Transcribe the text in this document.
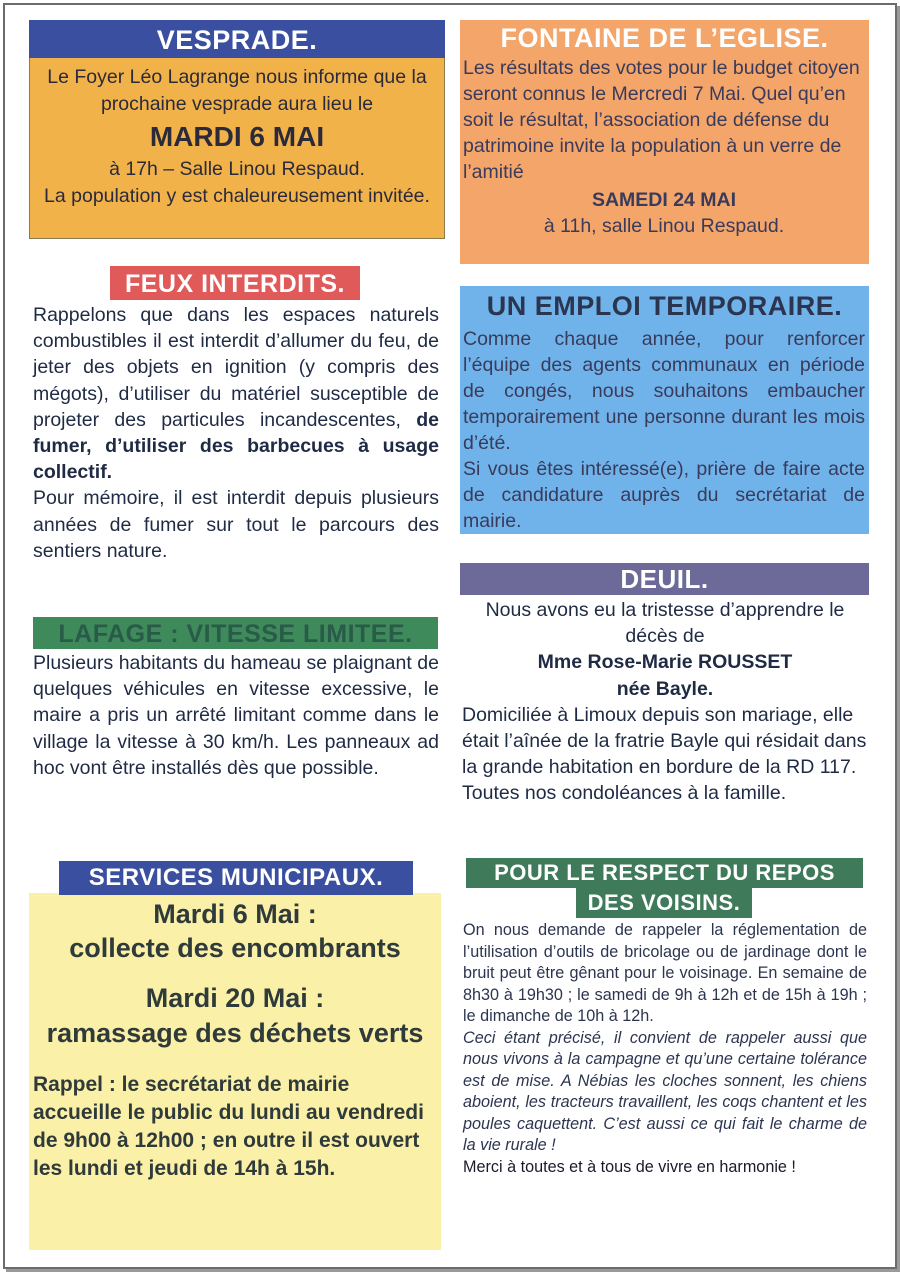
VESPRADE.

Le Foyer Léo Lagrange nous informe que la prochaine vesprade aura lieu le

MARDI 6 MAI

à 17h – Salle Linou Respaud.

La population y est chaleureusement invitée.

FONTAINE DE L’EGLISE.

Les résultats des votes pour le budget citoyen seront connus le Mercredi 7 Mai. Quel qu’en soit le résultat, l’association de défense du patrimoine invite la population à un verre de l’amitié

SAMEDI 24 MAI

à 11h, salle Linou Respaud.

FEUX INTERDITS.

Rappelons que dans les espaces naturels combustibles il est interdit d’allumer du feu, de jeter des objets en ignition (y compris des mégots), d’utiliser du matériel susceptible de projeter des particules incandescentes, de fumer, d’utiliser des barbecues à usage collectif.

Pour mémoire, il est interdit depuis plusieurs années de fumer sur tout le parcours des sentiers nature.

UN EMPLOI TEMPORAIRE.

Comme chaque année, pour renforcer l’équipe des agents communaux en période de congés, nous souhaitons embaucher temporairement une personne durant les mois d’été.

Si vous êtes intéressé(e), prière de faire acte de candidature auprès du secrétariat de mairie.

LAFAGE : VITESSE LIMITEE.

Plusieurs habitants du hameau se plaignant de quelques véhicules en vitesse excessive, le maire a pris un arrêté limitant comme dans le village la vitesse à 30 km/h. Les panneaux ad hoc vont être installés dès que possible.

DEUIL.

Nous avons eu la tristesse d’apprendre le décès de

Mme Rose-Marie ROUSSET

née Bayle.

Domiciliée à Limoux depuis son mariage, elle était l’aînée de la fratrie Bayle qui résidait dans la grande habitation en bordure de la RD 117.

Toutes nos condoléances à la famille.

SERVICES MUNICIPAUX.

Mardi 6 Mai :

collecte des encombrants

Mardi 20 Mai :

ramassage des déchets verts

Rappel : le secrétariat de mairie accueille le public du lundi au vendredi de 9h00 à 12h00 ; en outre il est ouvert les lundi et jeudi de 14h à 15h.

POUR LE RESPECT DU REPOS
DES VOISINS.

On nous demande de rappeler la réglementation de l’utilisation d’outils de bricolage ou de jardinage dont le bruit peut être gênant pour le voisinage. En semaine de 8h30 à 19h30 ; le samedi de 9h à 12h et de 15h à 19h ; le dimanche de 10h à 12h.

Ceci étant précisé, il convient de rappeler aussi que nous vivons à la campagne et qu’une certaine tolérance est de mise. A Nébias les cloches sonnent, les chiens aboient, les tracteurs travaillent, les coqs chantent et les poules caquettent. C’est aussi ce qui fait le charme de la vie rurale !

Merci à toutes et à tous de vivre en harmonie !
